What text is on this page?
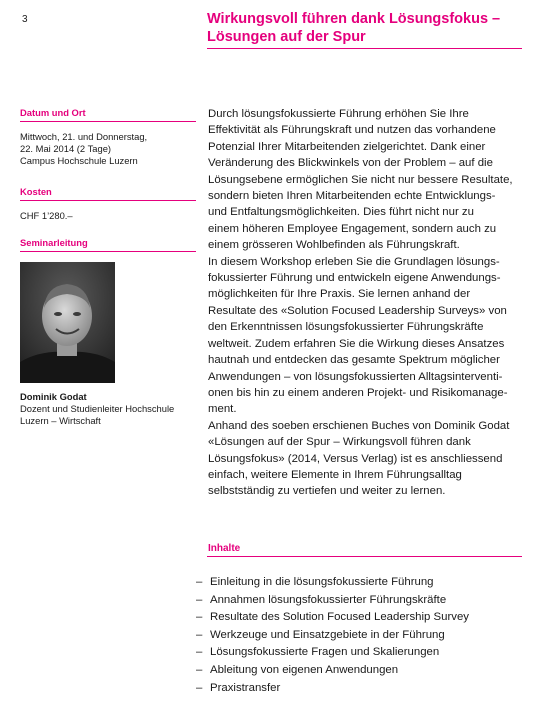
3	Wirkungsvoll führen dank Lösungsfokus –
Lösungen auf der Spur
Datum und Ort
Mittwoch, 21. und Donnerstag,
22. Mai 2014 (2 Tage)
Campus Hochschule Luzern
Kosten
CHF 1’280.–
Seminarleitung
Dominik Godat
Dozent und Studienleiter Hochschule
Luzern – Wirtschaft

Durch lösungsfokussierte Führung erhöhen Sie Ihre

Effektivität als Führungskraft und nutzen das vorhandene

Potenzial Ihrer Mitarbeitenden zielgerichtet. Dank einer

Veränderung des Blickwinkels von der Problem – auf die

Lösungsebene ermöglichen Sie nicht nur bessere Resultate,

sondern bieten Ihren Mitarbeitenden echte Entwicklungs-

und Entfaltungsmöglichkeiten. Dies führt nicht nur zu

einem höheren Employee Engagement, sondern auch zu

einem grösseren Wohlbefinden als Führungskraft.

In diesem Workshop erleben Sie die Grundlagen lösungs-

fokussierter Führung und entwickeln eigene Anwendungs-

möglichkeiten für Ihre Praxis. Sie lernen anhand der

Resultate des «Solution Focused Leadership Surveys» von

den Erkenntnissen lösungsfokussierter Führungskräfte

weltweit. Zudem erfahren Sie die Wirkung dieses Ansatzes

hautnah und entdecken das gesamte Spektrum möglicher

Anwendungen – von lösungsfokussierten Alltagsinterventi-

onen bis hin zu einem anderen Projekt- und Risikomanage-

ment.

Anhand des soeben erschienen Buches von Dominik Godat

«Lösungen auf der Spur – Wirkungsvoll führen dank

Lösungsfokus» (2014, Versus Verlag) ist es anschliessend

einfach, weitere Elemente in Ihrem Führungsalltag

selbstständig zu vertiefen und weiter zu lernen.

Inhalte
– Einleitung in die lösungsfokussierte Führung
– Annahmen lösungsfokussierter Führungskräfte
– Resultate des Solution Focused Leadership Survey
– Werkzeuge und Einsatzgebiete in der Führung
– Lösungsfokussierte Fragen und Skalierungen
– Ableitung von eigenen Anwendungen
– Praxistransfer
